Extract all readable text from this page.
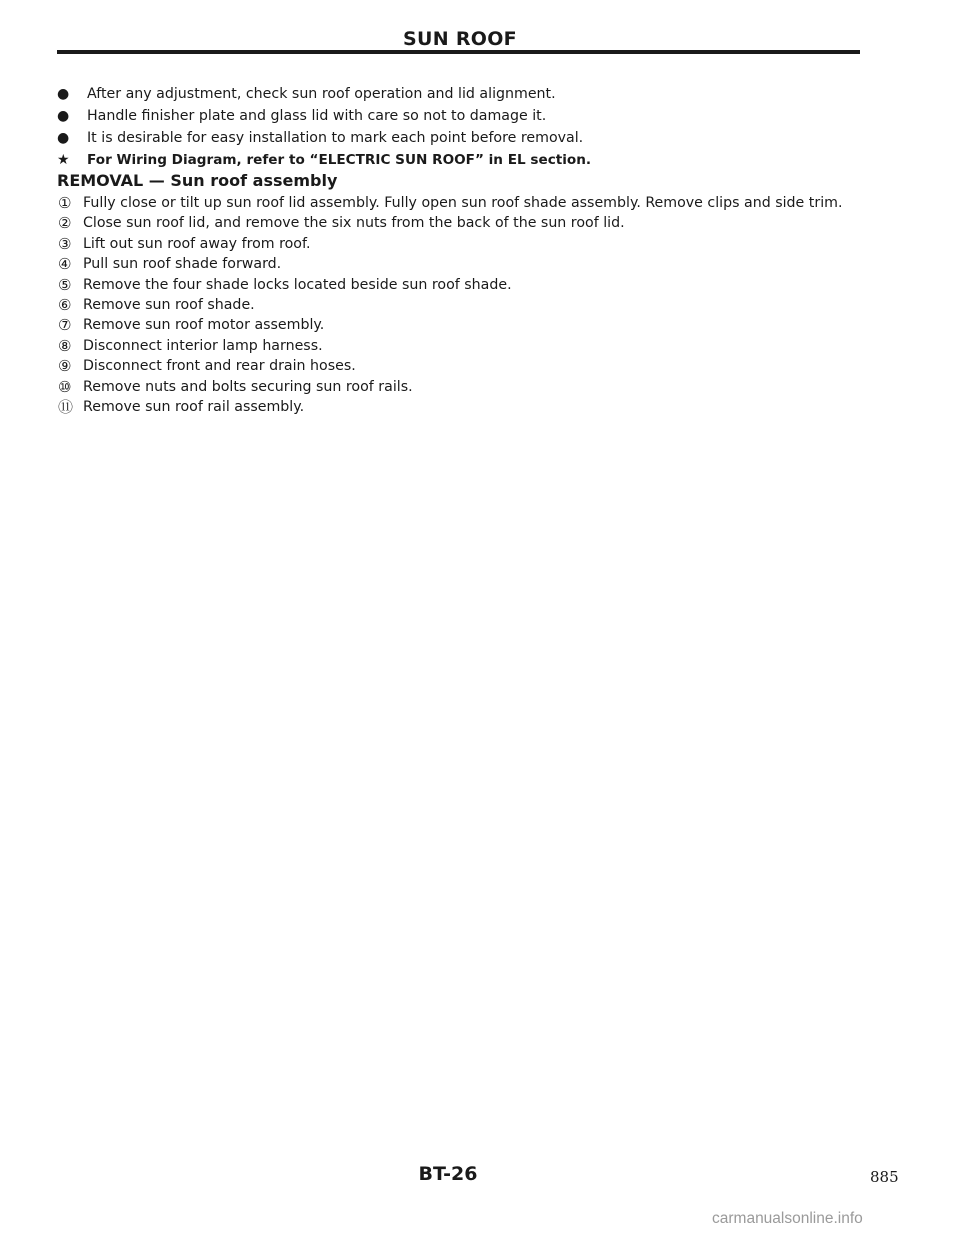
SUN ROOF
●	After any adjustment, check sun roof operation and lid alignment.
●	Handle finisher plate and glass lid with care so not to damage it.
●	It is desirable for easy installation to mark each point before removal.
★	For Wiring Diagram, refer to “ELECTRIC SUN ROOF” in EL section.
REMOVAL — Sun roof assembly
① Fully close or tilt up sun roof lid assembly. Fully open sun roof shade assembly. Remove clips and side trim.
② Close sun roof lid, and remove the six nuts from the back of the sun roof lid.
③ Lift out sun roof away from roof.
④ Pull sun roof shade forward.
⑤ Remove the four shade locks located beside sun roof shade.
⑥ Remove sun roof shade.
⑦ Remove sun roof motor assembly.
⑧ Disconnect interior lamp harness.
⑨ Disconnect front and rear drain hoses.
⑩ Remove nuts and bolts securing sun roof rails.
⑪ Remove sun roof rail assembly.
BT-26	885
carmanualsonline.info
